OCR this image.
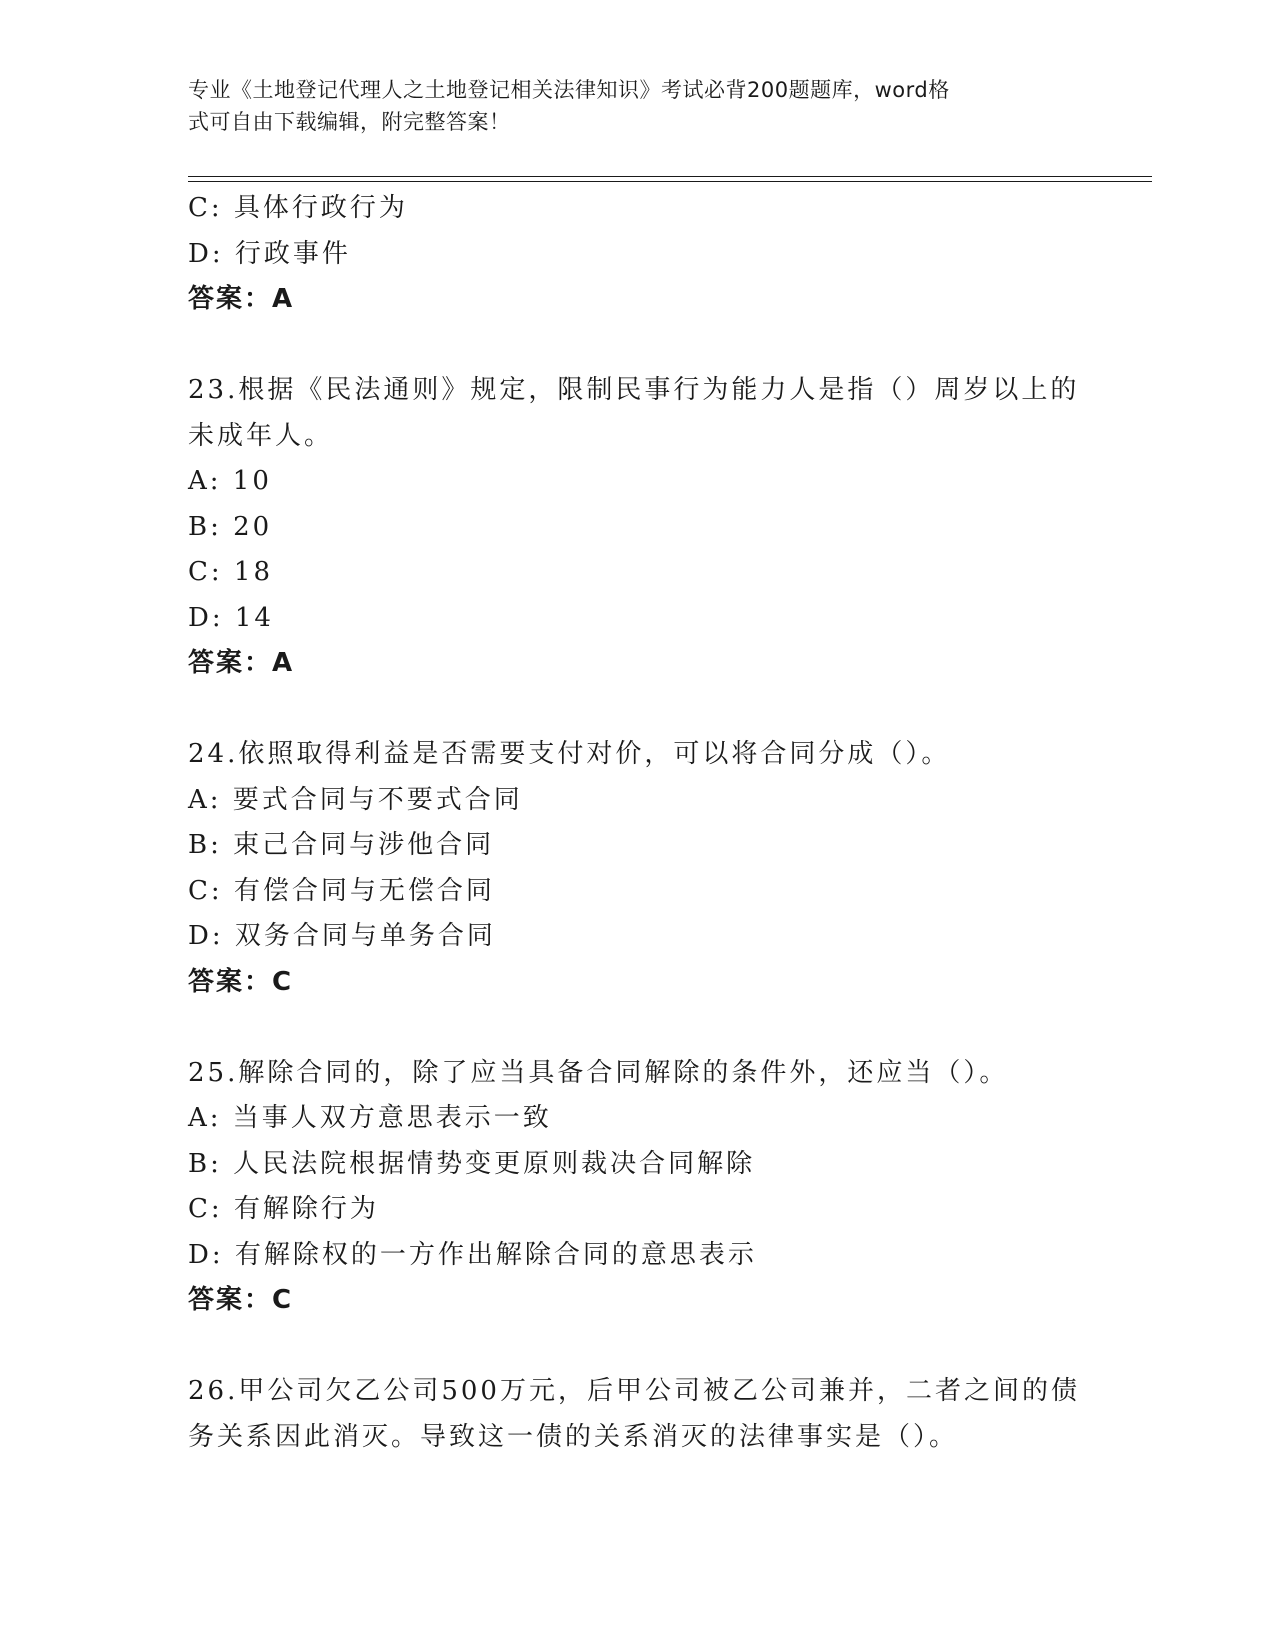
专业《土地登记代理人之土地登记相关法律知识》考试必背200题题库，word格
式可自由下载编辑，附完整答案！
C: 具体行政行为
D: 行政事件
答案：A
23.根据《民法通则》规定，限制民事行为能力人是指（）周岁以上的
未成年人。
A: 10
B: 20
C: 18
D: 14
答案：A
24.依照取得利益是否需要支付对价，可以将合同分成（）。
A: 要式合同与不要式合同
B: 束己合同与涉他合同
C: 有偿合同与无偿合同
D: 双务合同与单务合同
答案：C
25.解除合同的，除了应当具备合同解除的条件外，还应当（）。
A: 当事人双方意思表示一致
B: 人民法院根据情势变更原则裁决合同解除
C: 有解除行为
D: 有解除权的一方作出解除合同的意思表示
答案：C
26.甲公司欠乙公司500万元，后甲公司被乙公司兼并，二者之间的债
务关系因此消灭。导致这一债的关系消灭的法律事实是（）。
